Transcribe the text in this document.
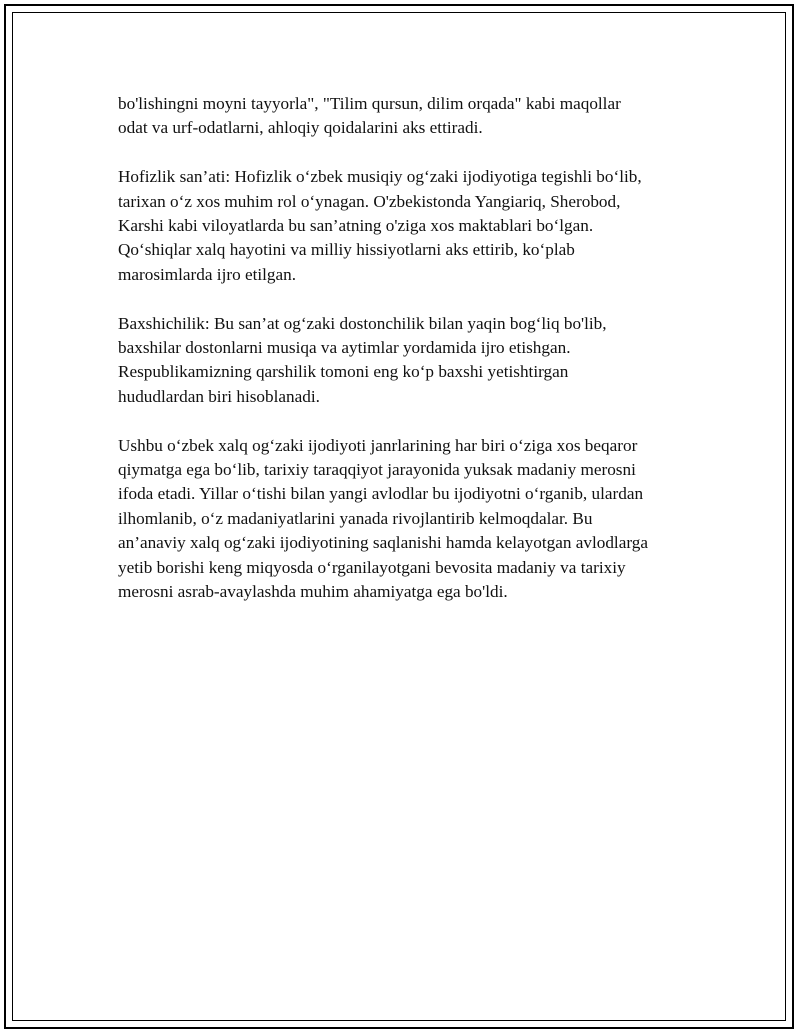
bo'lishingni moyni tayyorla", "Tilim qursun, dilim orqada" kabi maqollar
odat va urf-odatlarni, ahloqiy qoidalarini aks ettiradi.
Hofizlik san’ati: Hofizlik o‘zbek musiqiy og‘zaki ijodiyotiga tegishli bo‘lib,
tarixan o‘z xos muhim rol o‘ynagan. O'zbekistonda Yangiariq, Sherobod,
Karshi kabi viloyatlarda bu san’atning o'ziga xos maktablari bo‘lgan.
Qo‘shiqlar xalq hayotini va milliy hissiyotlarni aks ettirib, ko‘plab
marosimlarda ijro etilgan.
Baxshichilik: Bu san’at og‘zaki dostonchilik bilan yaqin bog‘liq bo'lib,
baxshilar dostonlarni musiqa va aytimlar yordamida ijro etishgan.
Respublikamizning qarshilik tomoni eng ko‘p baxshi yetishtirgan
hududlardan biri hisoblanadi.
Ushbu o‘zbek xalq og‘zaki ijodiyoti janrlarining har biri o‘ziga xos beqaror
qiymatga ega bo‘lib, tarixiy taraqqiyot jarayonida yuksak madaniy merosni
ifoda etadi. Yillar o‘tishi bilan yangi avlodlar bu ijodiyotni o‘rganib, ulardan
ilhomlanib, o‘z madaniyatlarini yanada rivojlantirib kelmoqdalar. Bu
an’anaviy xalq og‘zaki ijodiyotining saqlanishi hamda kelayotgan avlodlarga
yetib borishi keng miqyosda o‘rganilayotgani bevosita madaniy va tarixiy
merosni asrab-avaylashda muhim ahamiyatga ega bo'ldi.
